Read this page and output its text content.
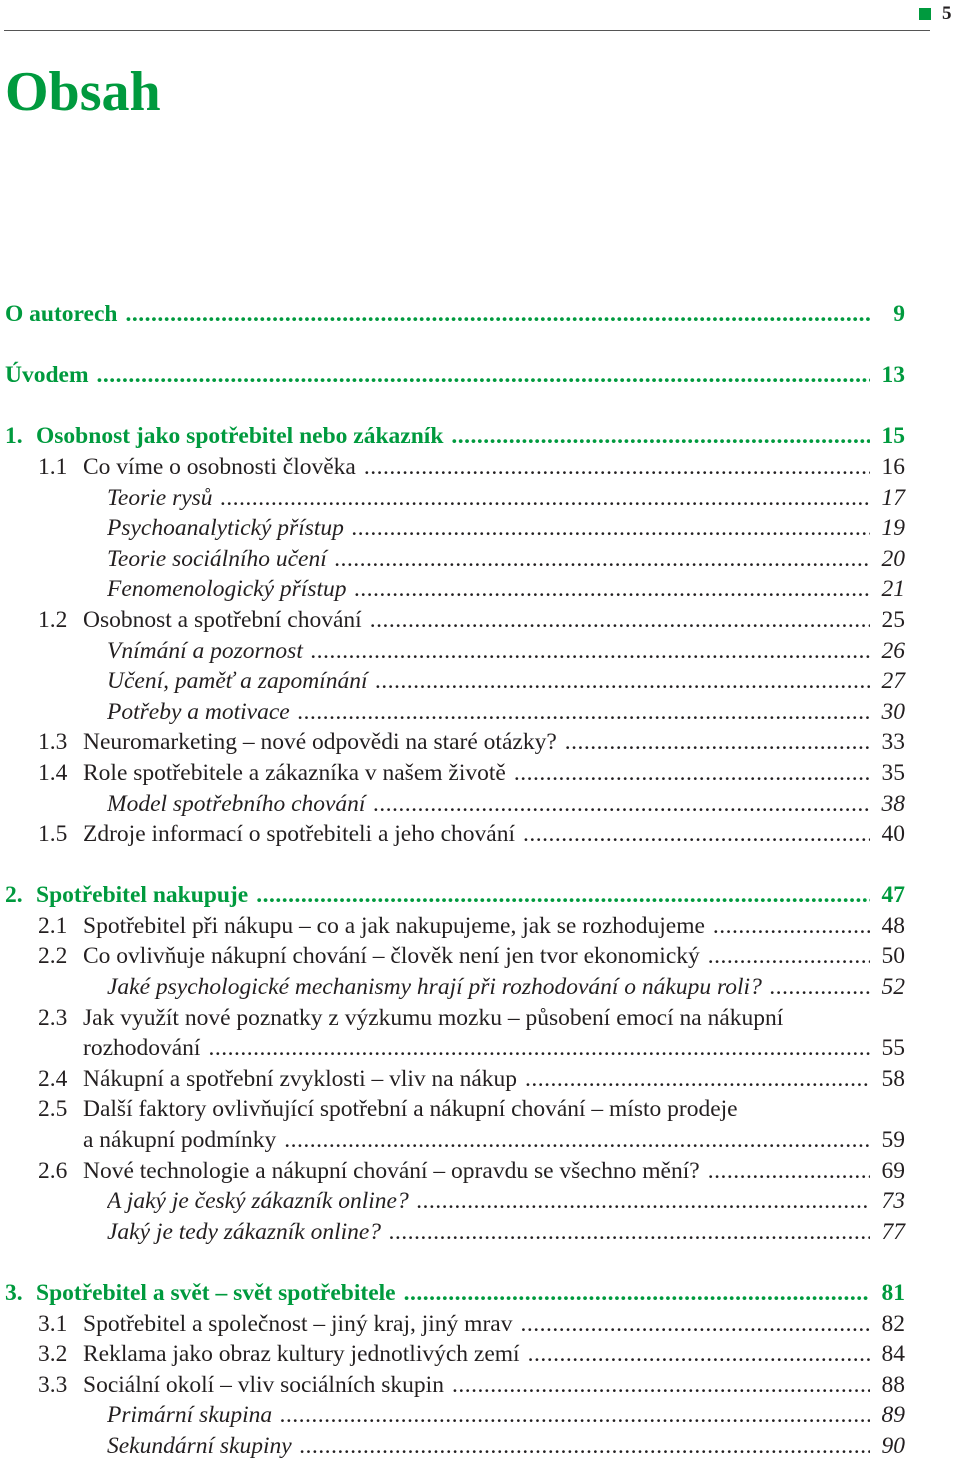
5
Obsah
O autorech .....	9
Úvodem .....	13
1. Osobnost jako spotřebitel nebo zákazník .....	15
1.1 Co víme o osobnosti člověka .....	16
Teorie rysů .....	17
Psychoanalytický přístup .....	19
Teorie sociálního učení .....	20
Fenomenologický přístup .....	21
1.2 Osobnost a spotřební chování .....	25
Vnímání a pozornost .....	26
Učení, paměť a zapomínání .....	27
Potřeby a motivace .....	30
1.3 Neuromarketing – nové odpovědi na staré otázky? .....	33
1.4 Role spotřebitele a zákazníka v našem životě .....	35
Model spotřebního chování .....	38
1.5 Zdroje informací o spotřebiteli a jeho chování .....	40
2. Spotřebitel nakupuje .....	47
2.1 Spotřebitel při nákupu – co a jak nakupujeme, jak se rozhodujeme .....	48
2.2 Co ovlivňuje nákupní chování – člověk není jen tvor ekonomický .....	50
Jaké psychologické mechanismy hrají při rozhodování o nákupu roli? .....	52
2.3 Jak využít nové poznatky z výzkumu mozku – působení emocí na nákupní
rozhodování .....	55
2.4 Nákupní a spotřební zvyklosti – vliv na nákup .....	58
2.5 Další faktory ovlivňující spotřební a nákupní chování – místo prodeje
a nákupní podmínky .....	59
2.6 Nové technologie a nákupní chování – opravdu se všechno mění? .....	69
A jaký je český zákazník online? .....	73
Jaký je tedy zákazník online? .....	77
3. Spotřebitel a svět – svět spotřebitele .....	81
3.1 Spotřebitel a společnost – jiný kraj, jiný mrav .....	82
3.2 Reklama jako obraz kultury jednotlivých zemí .....	84
3.3 Sociální okolí – vliv sociálních skupin .....	88
Primární skupina .....	89
Sekundární skupiny .....	90
